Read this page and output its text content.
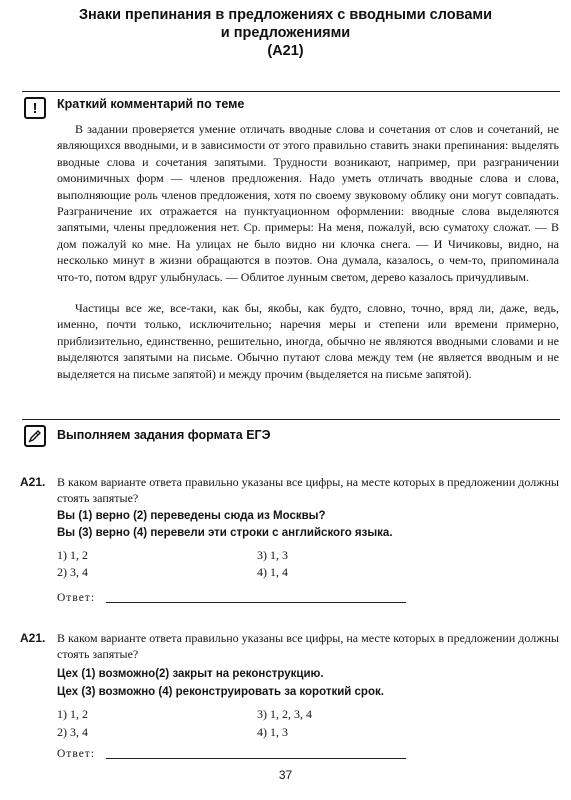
Знаки препинания в предложениях с вводными словами
и предложениями
(А21)
! Краткий комментарий по теме

В задании проверяется умение отличать вводные слова и сочетания от слов и сочетаний, не являющихся вводными, и в зависимости от этого правильно ставить знаки препинания: выделять вводные слова и сочетания запятыми. Трудности возникают, например, при разграничении омонимичных форм — членов предложения. Надо уметь отличать вводные слова и слова, выполняющие роль членов предложения, хотя по своему звуковому облику они могут совпадать. Разграничение их отражается на пунктуационном оформлении: вводные слова выделяются запятыми, члены предложения нет. Ср. примеры: На меня, пожалуй, всю суматоху сложат. — В дом пожалуй ко мне. На улицах не было видно ни клочка снега. — И Чичиковы, видно, на несколько минут в жизни обращаются в поэтов. Она думала, казалось, о чем-то, припоминала что-то, потом вдруг улыбнулась. — Облитое лунным светом, дерево казалось причудливым.

Частицы все же, все-таки, как бы, якобы, как будто, словно, точно, вряд ли, даже, ведь, именно, почти только, исключительно; наречия меры и степени или времени примерно, приблизительно, единственно, решительно, иногда, обычно не являются вводными словами и не выделяются запятыми на письме. Обычно путают слова между тем (не является вводным и не выделяется на письме запятой) и между прочим (выделяется на письме запятой).

Выполняем задания формата ЕГЭ
А21. В каком варианте ответа правильно указаны все цифры, на месте которых в предложении должны стоять запятые?
Вы (1) верно (2) переведены сюда из Москвы?
Вы (3) верно (4) перевели эти строки с английского языка.
1) 1, 2	3) 1, 3
2) 3, 4	4) 1, 4
Ответ:
А21. В каком варианте ответа правильно указаны все цифры, на месте которых в предложении должны стоять запятые?
Цех (1) возможно(2) закрыт на реконструкцию.
Цех (3) возможно (4) реконструировать за короткий срок.
1) 1, 2	3) 1, 2, 3, 4
2) 3, 4	4) 1, 3
Ответ:
37
